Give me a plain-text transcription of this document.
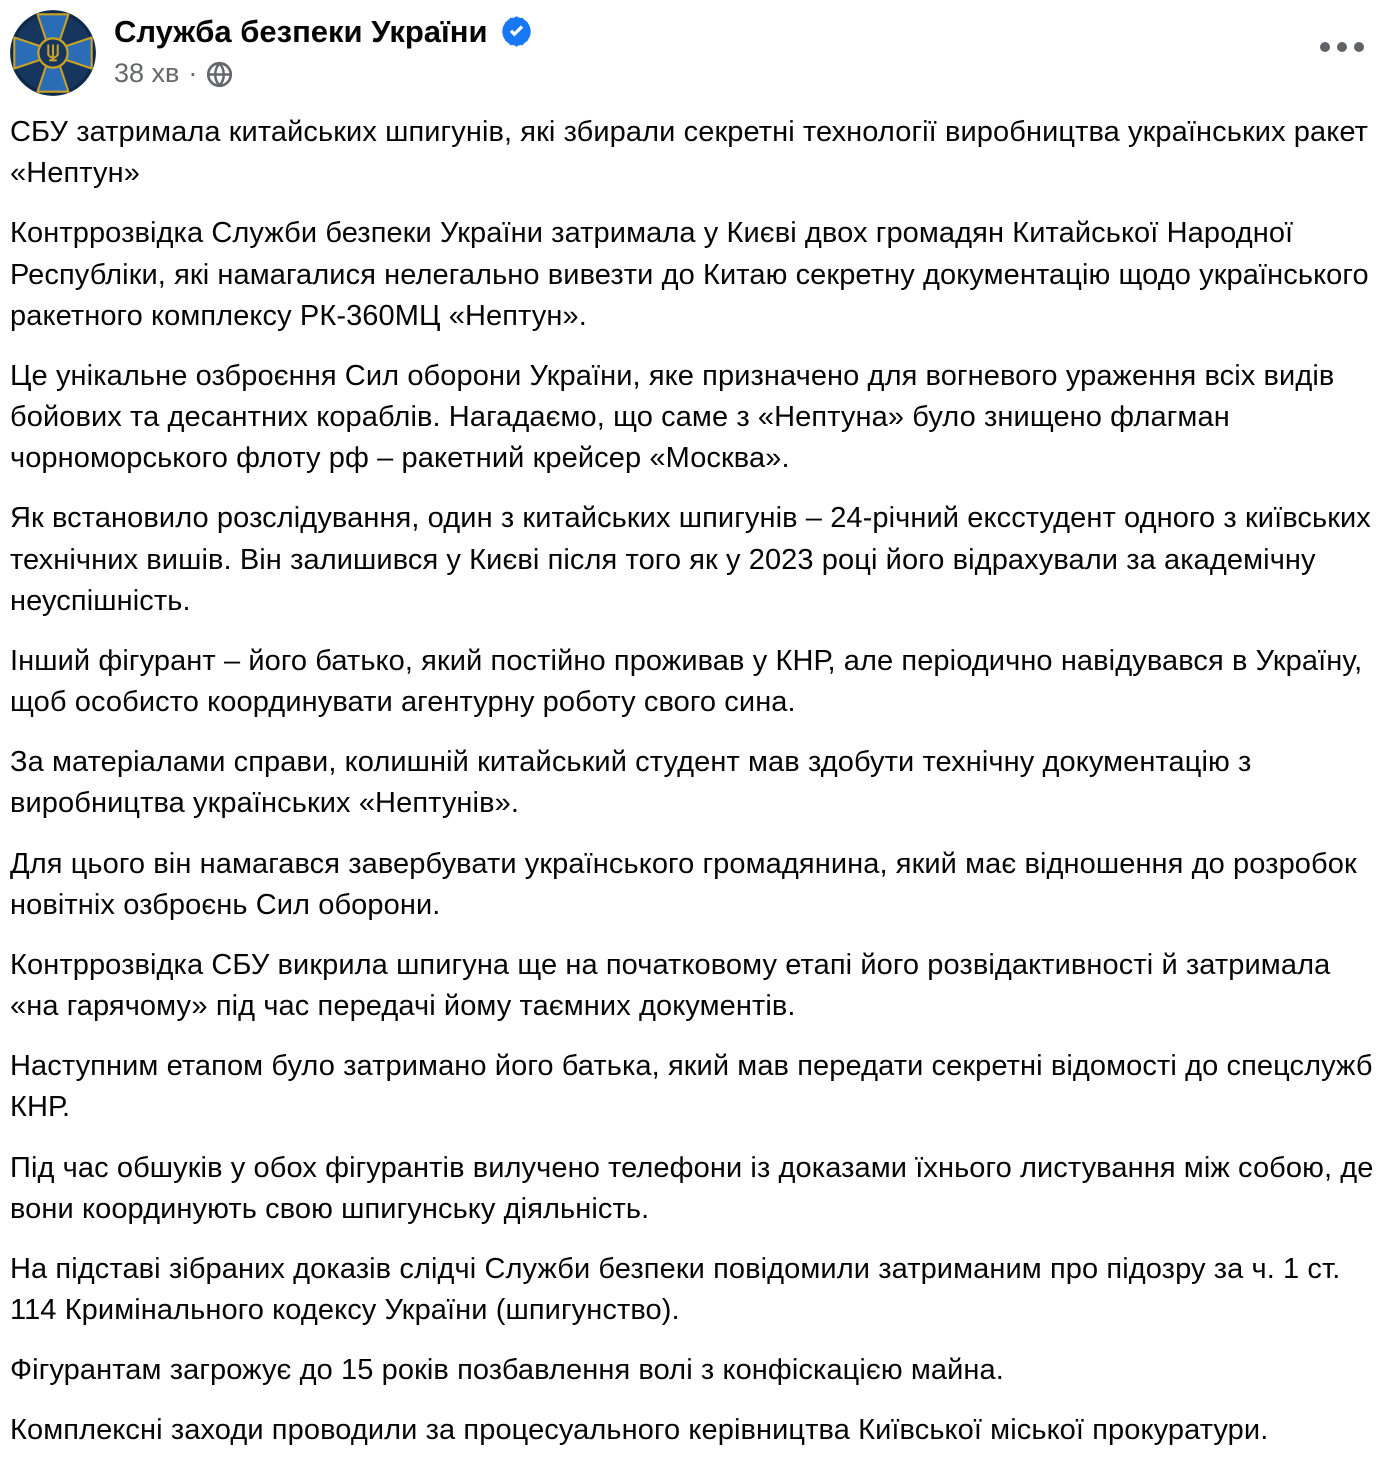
Служба безпеки України
38 хв ·

СБУ затримала китайських шпигунів, які збирали секретні технології виробництва українських ракет «Нептун»

Контррозвідка Служби безпеки України затримала у Києві двох громадян Китайської Народної Республіки, які намагалися нелегально вивезти до Китаю секретну документацію щодо українського ракетного комплексу РК-360МЦ «Нептун».

Це унікальне озброєння Сил оборони України, яке призначено для вогневого ураження всіх видів бойових та десантних кораблів. Нагадаємо, що саме з «Нептуна» було знищено флагман чорноморського флоту рф – ракетний крейсер «Москва».

Як встановило розслідування, один з китайських шпигунів – 24-річний ексстудент одного з київських технічних вишів. Він залишився у Києві після того як у 2023 році його відрахували за академічну неуспішність.

Інший фігурант – його батько, який постійно проживав у КНР, але періодично навідувався в Україну, щоб особисто координувати агентурну роботу свого сина.

За матеріалами справи, колишній китайський студент мав здобути технічну документацію з виробництва українських «Нептунів».

Для цього він намагався завербувати українського громадянина, який має відношення до розробок новітніх озброєнь Сил оборони.

Контррозвідка СБУ викрила шпигуна ще на початковому етапі його розвідактивності й затримала «на гарячому» під час передачі йому таємних документів.

Наступним етапом було затримано його батька, який мав передати секретні відомості до спецслужб КНР.

Під час обшуків у обох фігурантів вилучено телефони із доказами їхнього листування між собою, де вони координують свою шпигунську діяльність.

На підставі зібраних доказів слідчі Служби безпеки повідомили затриманим про підозру за ч. 1 ст. 114 Кримінального кодексу України (шпигунство).

Фігурантам загрожує до 15 років позбавлення волі з конфіскацією майна.

Комплексні заходи проводили за процесуального керівництва Київської міської прокуратури.
